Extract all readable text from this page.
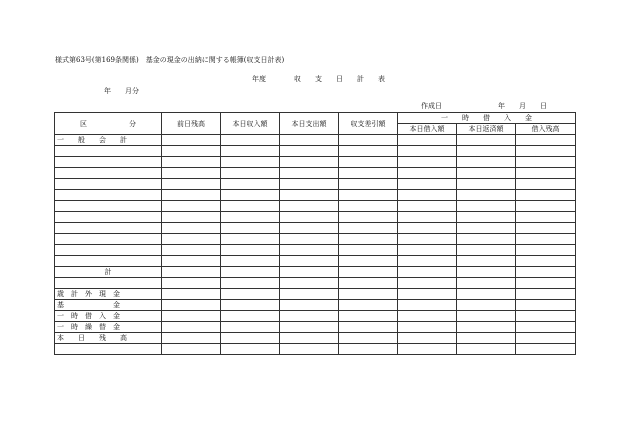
様式第63号(第169条関係)　基金の現金の出納に関する帳簿(収支日計表)
年度　　　　収　　支　　日　　計　　表
年　　月分
作成日　　　　　　　　年　　月　　日
区　　　　　　分	前日残高	本日収入額	本日支出額	収支差引額	一　　時　　借　　入　　金		
					本日借入額	本日返済額	借入残高
一　　般　　会　　計							

計							

歳　計　外　現　金							
基　　　　　　　金							
一　時　借　入　金							
一　時　繰　替　金							
本　　日　　残　　高							
